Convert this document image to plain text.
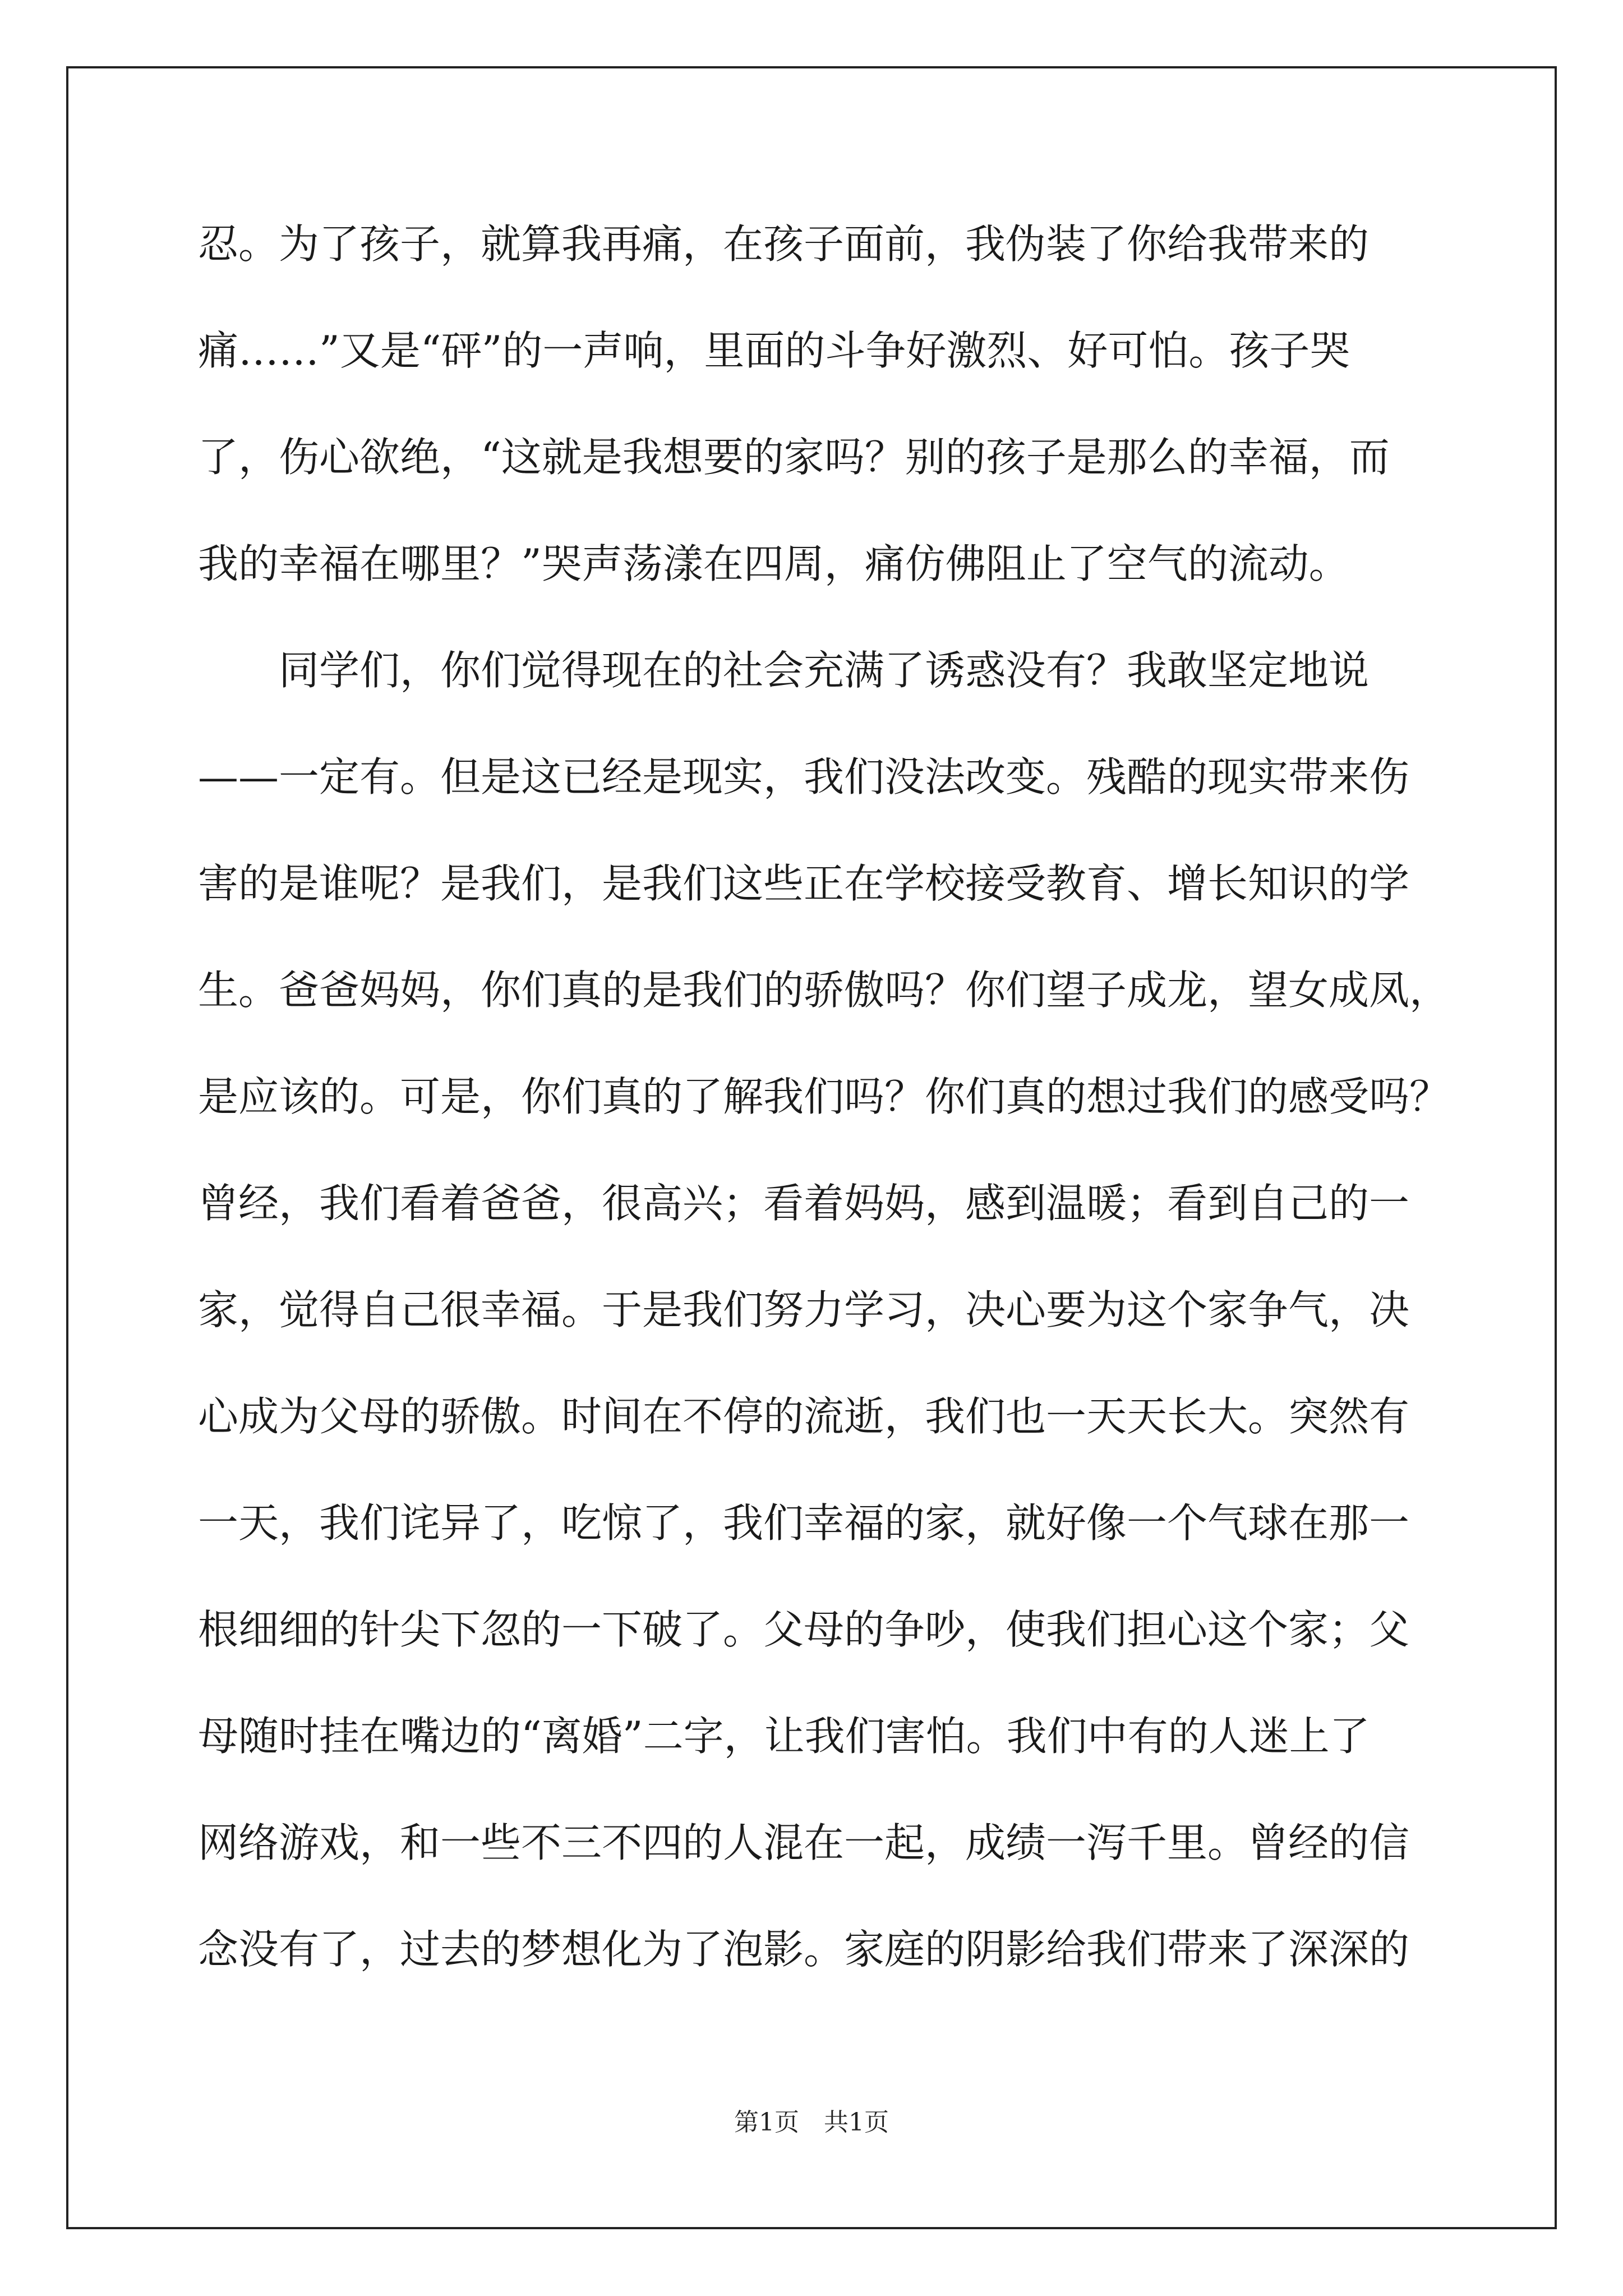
忍。为了孩子，就算我再痛，在孩子面前，我伪装了你给我带来的
痛……”又是“砰”的一声响，里面的斗争好激烈、好可怕。孩子哭
了，伤心欲绝，“这就是我想要的家吗？别的孩子是那么的幸福，而
我的幸福在哪里？”哭声荡漾在四周，痛仿佛阻止了空气的流动。
　　同学们，你们觉得现在的社会充满了诱惑没有？我敢坚定地说
——一定有。但是这已经是现实，我们没法改变。残酷的现实带来伤
害的是谁呢？是我们，是我们这些正在学校接受教育、增长知识的学
生。爸爸妈妈，你们真的是我们的骄傲吗？你们望子成龙，望女成凤，
是应该的。可是，你们真的了解我们吗？你们真的想过我们的感受吗？
曾经，我们看着爸爸，很高兴；看着妈妈，感到温暖；看到自己的一
家，觉得自己很幸福。于是我们努力学习，决心要为这个家争气，决
心成为父母的骄傲。时间在不停的流逝，我们也一天天长大。突然有
一天，我们诧异了，吃惊了，我们幸福的家，就好像一个气球在那一
根细细的针尖下忽的一下破了。父母的争吵，使我们担心这个家；父
母随时挂在嘴边的“离婚”二字，让我们害怕。我们中有的人迷上了
网络游戏，和一些不三不四的人混在一起，成绩一泻千里。曾经的信
念没有了，过去的梦想化为了泡影。家庭的阴影给我们带来了深深的
第1页　共1页
